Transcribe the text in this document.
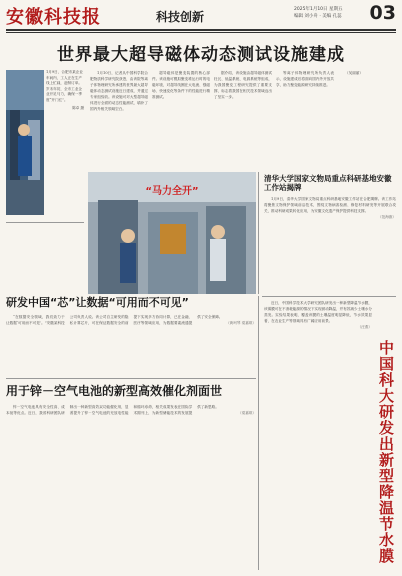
安徽科技报	科技创新
2025年1月10日 星期五
编辑 刘小舟 · 美编 孔蕊 03
世界最大超导磁体动态测试设施建成

1月10日，记者从中国科学院合肥物质科学研究院获悉，由该院等离子体物理研究所承建的世界最大超导磁体动态测试设施近日建成，并通过专家组验收。该设施可对大型超导磁体进行全面的动态性能测试，填补了国内外相关领域空白。

超导磁体是聚变装置的核心部件。该设施可模拟聚变堆运行时的电磁环境，对超导线圈在大电流、强磁场、快速变化等条件下的性能进行精准测试。

据介绍，该设施由超导磁体测试杜瓦、低温系统、电源系统等组成，为我国聚变工程研究提供了重要支撑，标志着我国在相关技术领域迈出了坚实一步。

等离子体物理研究所负责人表示，设施建成后将面向国内外开放共享，助力聚变能源研究持续推进。

（吴丽丽）

1月9日，合肥市某企业车间内，工人正在生产线上忙碌，赶制订单。岁末年初，全市工业企业开足马力，确保一季度“开门红”。
陈卓 摄
“马力全开”
清华大学国家文物局重点科研基地安徽工作站揭牌

1月9日，清华大学国家文物局重点科研基地安徽工作站在合肥揭牌。该工作站将聚焦文物保护领域前沿技术，围绕文物病害检测、修复材料研发等开展联合攻关，推动科研成果转化应用，为安徽文化遗产保护提供科技支撑。

（范海旗）
研发中国“芯”让数据“可用而不可见”

“在数据安全领域，我们致力于让数据‘可用而不可见’。”安徽某科技公司负责人说。该公司自主研发的隐私计算芯片，可在保证数据安全的前提下实现多方协同计算，已在金融、医疗等领域应用，为数据要素流通提供了安全保障。

（黄珂琴 梁嘉琪）
用于锌－空气电池的新型高效催化剂面世

锌－空气电池具有安全性高、成本低等优点。近日，我省科研团队研制出一种新型高效双功能催化剂，显著提升了锌－空气电池的充放电性能和循环寿命，相关成果发表在国际学术期刊上，为新型储能技术的发展提供了新思路。

（梁嘉琪）

近日，中国科学技术大学研究团队研发出一种新型降温节水膜，该薄膜可在不消耗能源的情况下实现被动降温，并有效减少土壤水分蒸发。实验结果表明，覆盖该膜的土壤温度明显降低，节水效果显著，在农业生产等领域具有广阔应用前景。

（汪燕）
中国科大研发出新型降温节水膜
